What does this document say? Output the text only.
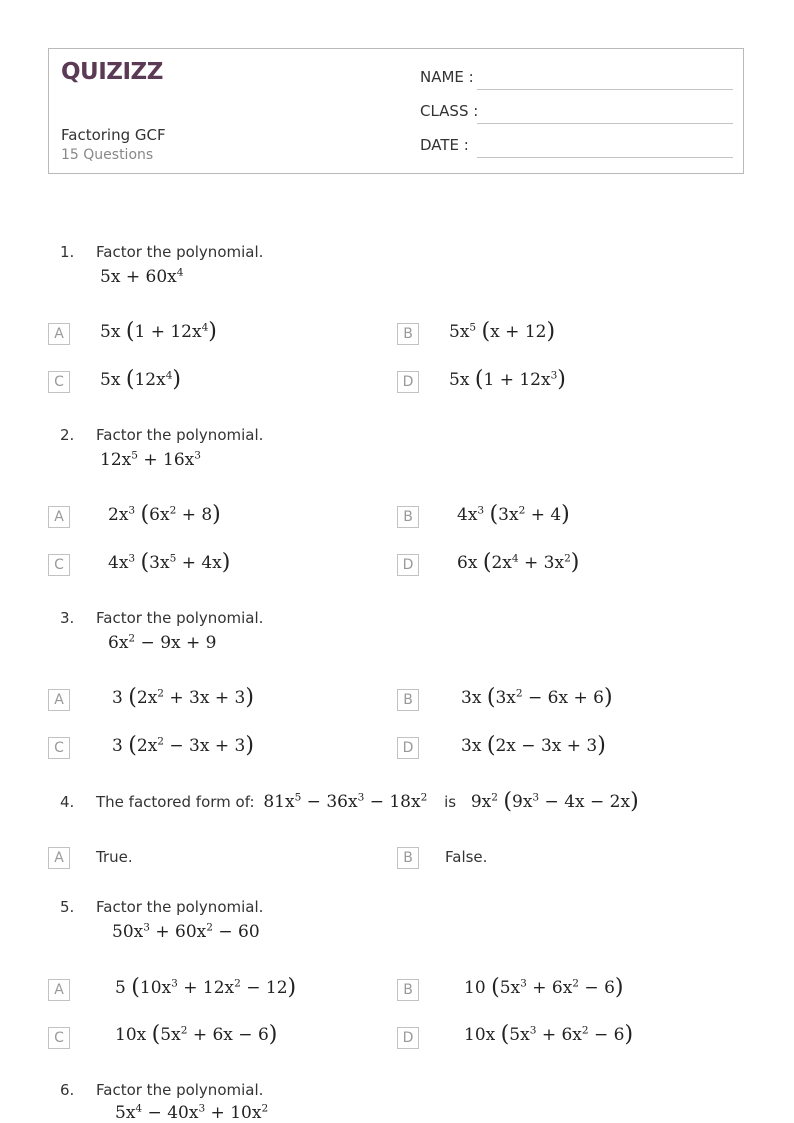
QUIZIZZ
Factoring GCF
15 Questions
NAME :
CLASS :
DATE :
1. Factor the polynomial.
$5x + 60x^4$
A	5x $(1 + 12x^4)$	B	$5x^5$ (x + 12)
C	5x $(12x^4)$	D	5x $(1 + 12x^3)$
2. Factor the polynomial.
$12x^5 + 16x^3$
A	$2x^3$ $(6x^2 + 8)$	B	$4x^3$ $(3x^2 + 4)$
C	$4x^3$ $(3x^5 + 4x)$	D	6x $(2x^4 + 3x^2)$
3. Factor the polynomial.
$6x^2 - 9x + 9$
A	3 $(2x^2 + 3x + 3)$	B	3x $(3x^2 - 6x + 6)$
C	3 $(2x^2 - 3x + 3)$	D	3x (2x − 3x + 3)
4. The factored form of: $81x^5 - 36x^3 - 18x^2$ is $9x^2$ $(9x^3 - 4x - 2x)$
A	True.	B	False.
5. Factor the polynomial.
$50x^3 + 60x^2 - 60$
A	5 $(10x^3 + 12x^2 - 12)$	B	10 $(5x^3 + 6x^2 - 6)$
C	10x $(5x^2 + 6x - 6)$	D	10x $(5x^3 + 6x^2 - 6)$
6. Factor the polynomial.
$5x^4 - 40x^3 + 10x^2$
